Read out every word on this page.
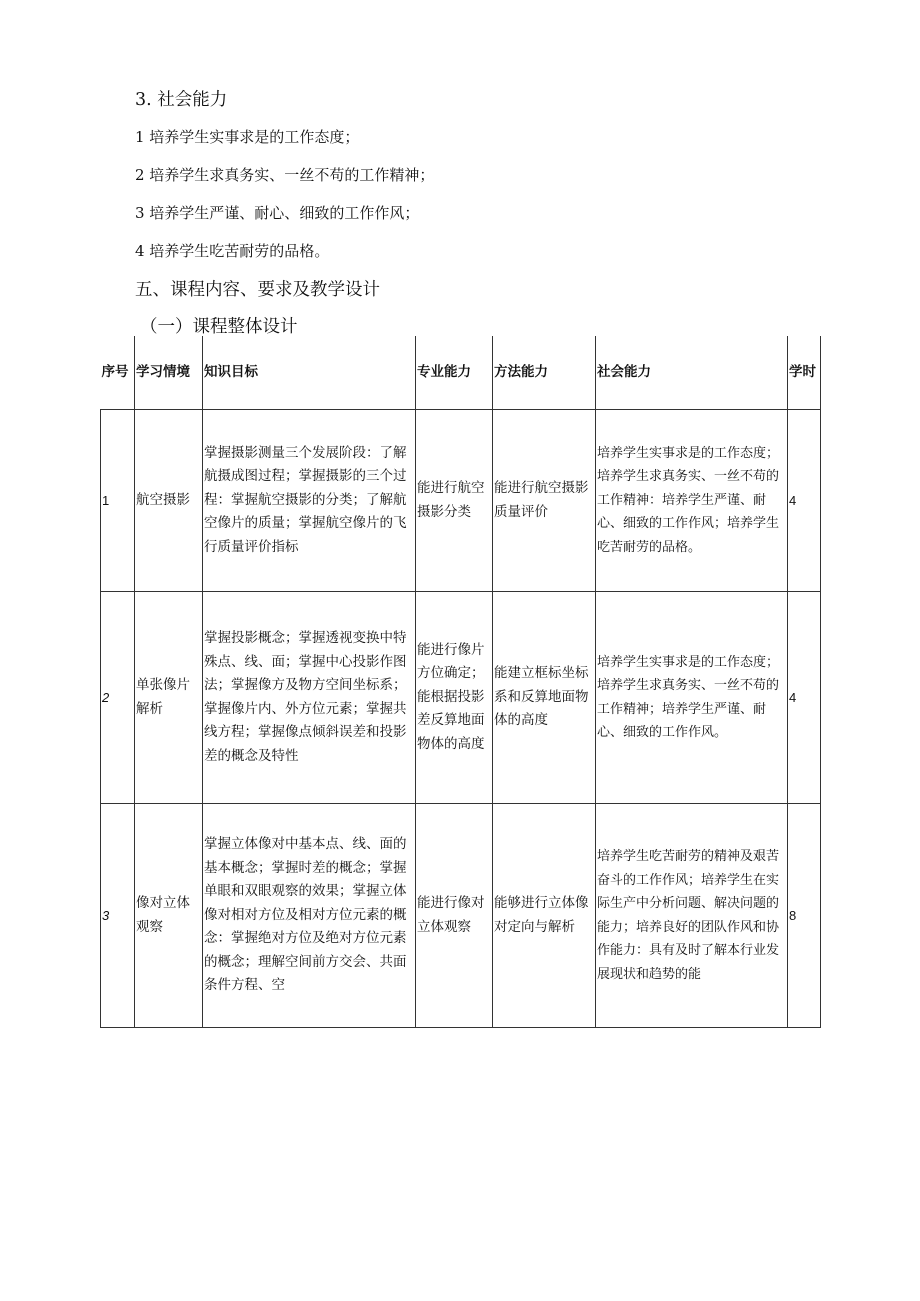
3. 社会能力
1 培养学生实事求是的工作态度；
2 培养学生求真务实、一丝不苟的工作精神；
3 培养学生严谨、耐心、细致的工作作风；
4 培养学生吃苦耐劳的品格。
五、课程内容、要求及教学设计
（一）课程整体设计
序号	学习情境	知识目标	专业能力	方法能力	社会能力	学时
1	航空摄影	掌握摄影测量三个发展阶段：了解航摄成图过程；掌握摄影的三个过程：掌握航空摄影的分类；了解航空像片的质量；掌握航空像片的飞行质量评价指标	能进行航空摄影分类	能进行航空摄影质量评价	培养学生实事求是的工作态度；培养学生求真务实、一丝不苟的工作精神：培养学生严谨、耐心、细致的工作作风；培养学生吃苦耐劳的品格。	4
2	单张像片解析	掌握投影概念；掌握透视变换中特殊点、线、面；掌握中心投影作图法；掌握像方及物方空间坐标系；掌握像片内、外方位元素；掌握共线方程；掌握像点倾斜误差和投影差的概念及特性	能进行像片方位确定；能根据投影差反算地面物体的高度	能建立框标坐标系和反算地面物体的高度	培养学生实事求是的工作态度；培养学生求真务实、一丝不苟的工作精神；培养学生严谨、耐心、细致的工作作风。	4
3	像对立体观察	掌握立体像对中基本点、线、面的基本概念；掌握时差的概念；掌握单眼和双眼观察的效果；掌握立体像对相对方位及相对方位元素的概念：掌握绝对方位及绝对方位元素的概念；理解空间前方交会、共面条件方程、空	能进行像对立体观察	能够进行立体像对定向与解析	培养学生吃苦耐劳的精神及艰苦奋斗的工作作风；培养学生在实际生产中分析问题、解决问题的能力；培养良好的团队作风和协作能力：具有及时了解本行业发展现状和趋势的能	8
